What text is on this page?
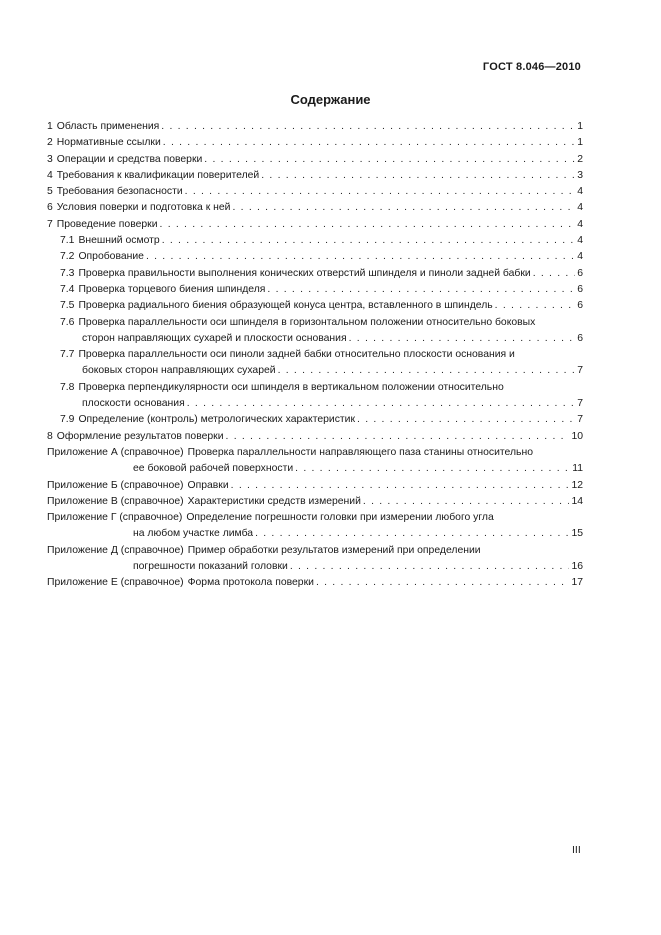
ГОСТ 8.046—2010
Содержание
1 Область применения . . .	1
2 Нормативные ссылки . . .	1
3 Операции и средства поверки . . .	2
4 Требования к квалификации поверителей . . .	3
5 Требования безопасности . . .	4
6 Условия поверки и подготовка к ней . . .	4
7 Проведение поверки . . .	4
7.1 Внешний осмотр . . .	4
7.2 Опробование . . .	4
7.3 Проверка правильности выполнения конических отверстий шпинделя и пиноли задней бабки . . .	6
7.4 Проверка торцевого биения шпинделя . . .	6
7.5 Проверка радиального биения образующей конуса центра, вставленного в шпиндель . . .	6
7.6 Проверка параллельности оси шпинделя в горизонтальном положении относительно боковых
сторон направляющих сухарей и плоскости основания . . .	6
7.7 Проверка параллельности оси пиноли задней бабки относительно плоскости основания и
боковых сторон направляющих сухарей . . .	7
7.8 Проверка перпендикулярности оси шпинделя в вертикальном положении относительно
плоскости основания . . .	7
7.9 Определение (контроль) метрологических характеристик . . .	7
8 Оформление результатов поверки . . .	10
Приложение А (справочное) Проверка параллельности направляющего паза станины относительно
ее боковой рабочей поверхности . . .	11
Приложение Б (справочное) Оправки . . .	12
Приложение В (справочное) Характеристики средств измерений . . .	14
Приложение Г (справочное) Определение погрешности головки при измерении любого угла
на любом участке лимба . . .	15
Приложение Д (справочное) Пример обработки результатов измерений при определении
погрешности показаний головки . . .	16
Приложение Е (справочное) Форма протокола поверки . . .	17
III
